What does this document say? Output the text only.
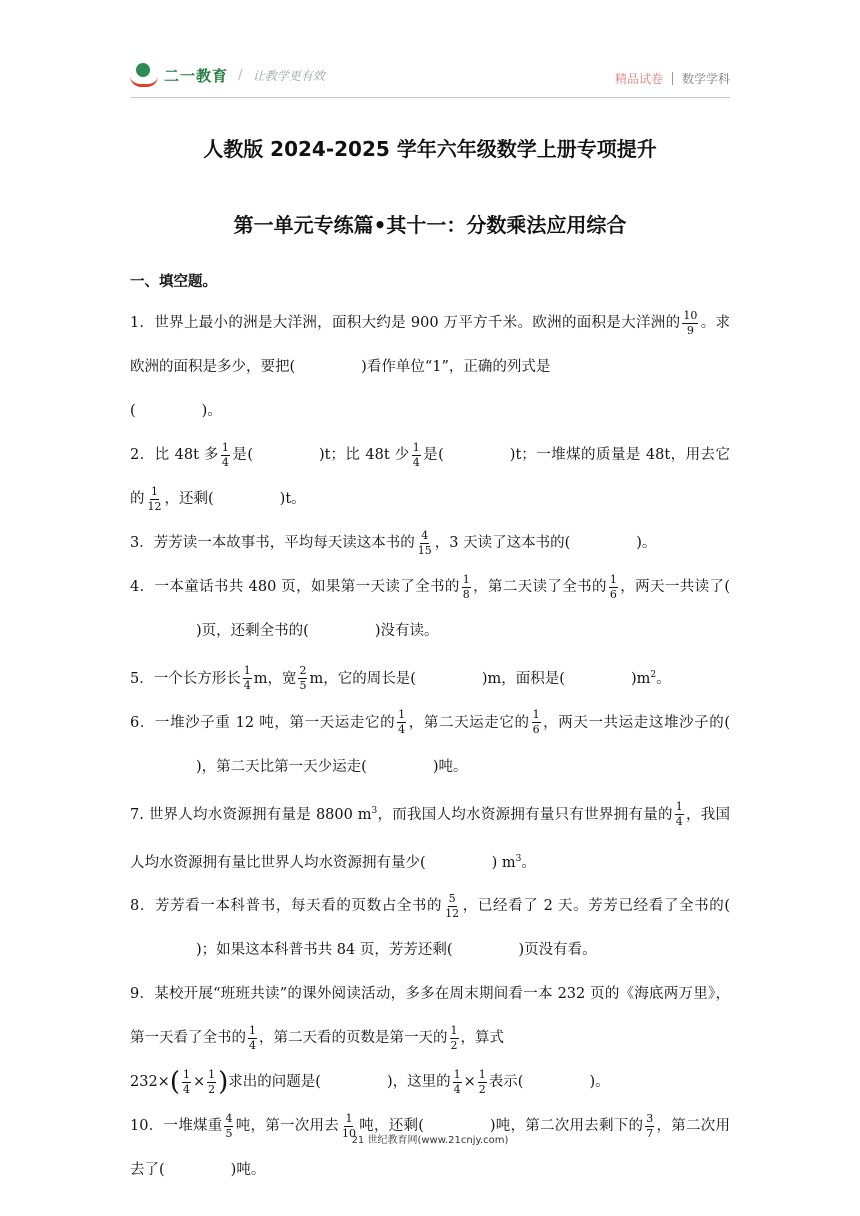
二一教育 / 让教学更有效	精品试卷 数学学科
人教版 2024-2025 学年六年级数学上册专项提升
第一单元专练篇•其十一：分数乘法应用综合
一、填空题。

1．世界上最小的洲是大洋洲，面积大约是 900 万平方千米。欧洲的面积是大洋洲的 $\frac{10}{9}$ 。求欧洲的面积是多少，要把(	)看作单位“1”，正确的列式是
(	)。

2．比 48t 多 $\frac{1}{4}$ 是(	)t；比 48t 少 $\frac{1}{4}$ 是(	)t；一堆煤的质量是 48t，用去它的 $\frac{1}{12}$ ，还剩(	)t。

3．芳芳读一本故事书，平均每天读这本书的 $\frac{4}{15}$ ，3 天读了这本书的(	)。

4．一本童话书共 480 页，如果第一天读了全书的 $\frac{1}{8}$ ，第二天读了全书的 $\frac{1}{6}$ ，两天一共读了()页，还剩全书的(	)没有读。

5．一个长方形长 $\frac{1}{4}$ m，宽 $\frac{2}{5}$ m，它的周长是(	)m，面积是(	)$m^2$。

6．一堆沙子重 12 吨，第一天运走它的 $\frac{1}{4}$ ，第二天运走它的 $\frac{1}{6}$ ，两天一共运走这堆沙子的()，第二天比第一天少运走(	)吨。

7. 世界人均水资源拥有量是 8800 $m^3$，而我国人均水资源拥有量只有世界拥有量的 $\frac{1}{4}$ ，我国人均水资源拥有量比世界人均水资源拥有量少(	) $m^3$。

8．芳芳看一本科普书，每天看的页数占全书的 $\frac{5}{12}$ ，已经看了 2 天。芳芳已经看了全书的()；如果这本科普书共 84 页，芳芳还剩(	)页没有看。

9．某校开展“班班共读”的课外阅读活动，多多在周末期间看一本 232 页的《海底两万里》，第一天看了全书的 $\frac{1}{4}$ ，第二天看的页数是第一天的 $\frac{1}{2}$ ，算式
$232\times( \frac{1}{4} \times \frac{1}{2}$ )求出的问题是(	)，这里的 $\frac{1}{4} \times \frac{1}{2}$ 表示(	)。

10．一堆煤重 $\frac{4}{5}$ 吨，第一次用去 $\frac{1}{10}$ 吨，还剩(	)吨，第二次用去剩下的 $\frac{3}{7}$ ，第二次用去了(	)吨。

21 世纪教育网(www.21cnjy.com)
